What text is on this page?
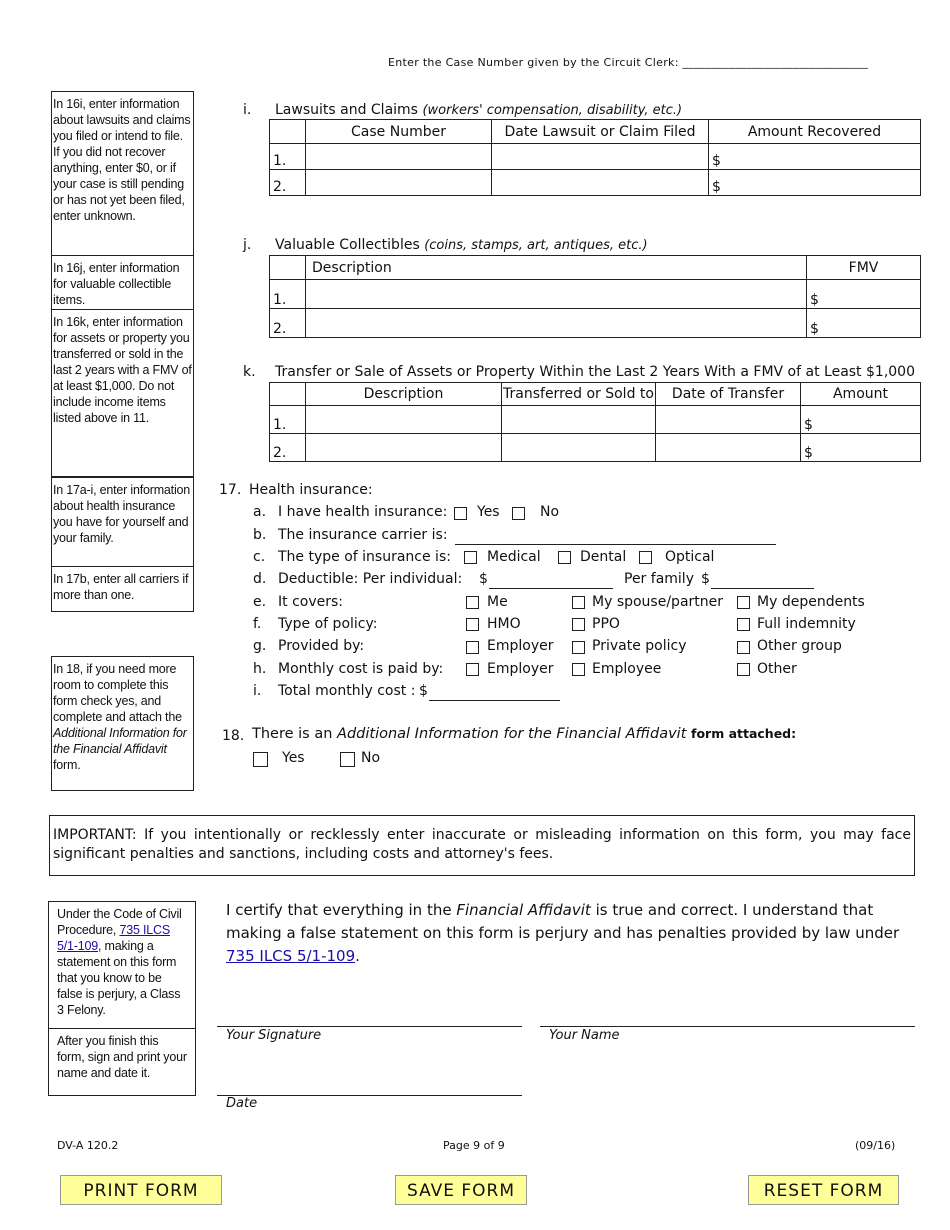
Enter the Case Number given by the Circuit Clerk: ________________________________
In 16i, enter information about lawsuits and claims you filed or intend to file. If you did not recover anything, enter $0, or if your case is still pending or has not yet been filed, enter unknown.
In 16j, enter information for valuable collectible items.
In 16k, enter information for assets or property you transferred or sold in the last 2 years with a FMV of at least $1,000. Do not include income items listed above in 11.
In 17a-i, enter information about health insurance you have for yourself and your family.
In 17b, enter all carriers if more than one.
In 18, if you need more room to complete this form check yes, and complete and attach the Additional Information for the Financial Affidavit form.
i. Lawsuits and Claims (workers' compensation, disability, etc.)
	Case Number	Date Lawsuit or Claim Filed	Amount Recovered
1.			$
2.			$
j. Valuable Collectibles (coins, stamps, art, antiques, etc.)
	Description	FMV
1.		$
2.		$
k. Transfer or Sale of Assets or Property Within the Last 2 Years With a FMV of at Least $1,000
	Description	Transferred or Sold to	Date of Transfer	Amount
1.				$
2.				$
17. Health insurance:
a. I have health insurance: Yes	No
b. The insurance carrier is:
c. The type of insurance is:	Medical	Dental	Optical
d. Deductible: Per individual: $	Per family $
e. It covers:	Me	My spouse/partner My dependents
f. Type of policy:	HMO	PPO	Full indemnity
g. Provided by:	Employer	Private policy	Other group
h. Monthly cost is paid by:	Employer	Employee	Other
i. Total monthly cost : $
18. There is an Additional Information for the Financial Affidavit form attached:
Yes	No
IMPORTANT: If you intentionally or recklessly enter inaccurate or misleading information on this form, you may face significant penalties and sanctions, including costs and attorney's fees.
Under the Code of Civil Procedure, 735 ILCS 5/1-109, making a statement on this form that you know to be false is perjury, a Class 3 Felony.
After you finish this form, sign and print your name and date it.
I certify that everything in the Financial Affidavit is true and correct. I understand that making a false statement on this form is perjury and has penalties provided by law under
735 ILCS 5/1-109.
Your Signature	Your Name
Date
DV-A 120.2	Page 9 of 9	(09/16)
PRINT FORM	SAVE FORM	RESET FORM
